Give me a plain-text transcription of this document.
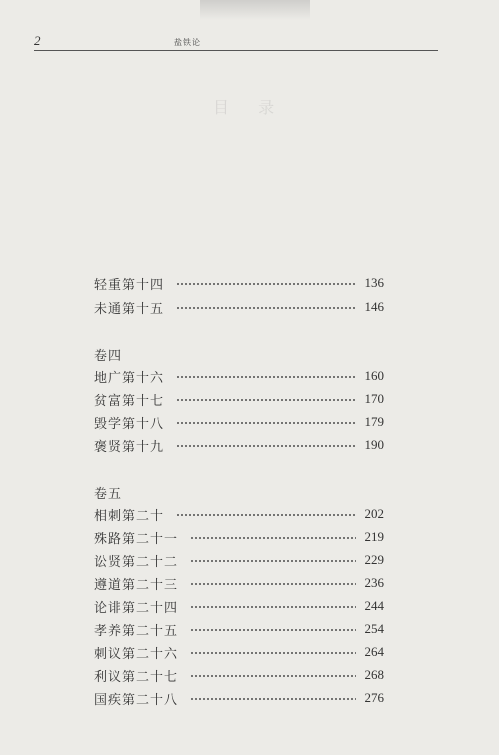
2	盐铁论
目 录
轻重第十四	136
未通第十五	146
卷四
地广第十六	160
贫富第十七	170
毁学第十八	179
褒贤第十九	190
卷五
相刺第二十	202
殊路第二十一	219
讼贤第二十二	229
遵道第二十三	236
论诽第二十四	244
孝养第二十五	254
刺议第二十六	264
利议第二十七	268
国疾第二十八	276
